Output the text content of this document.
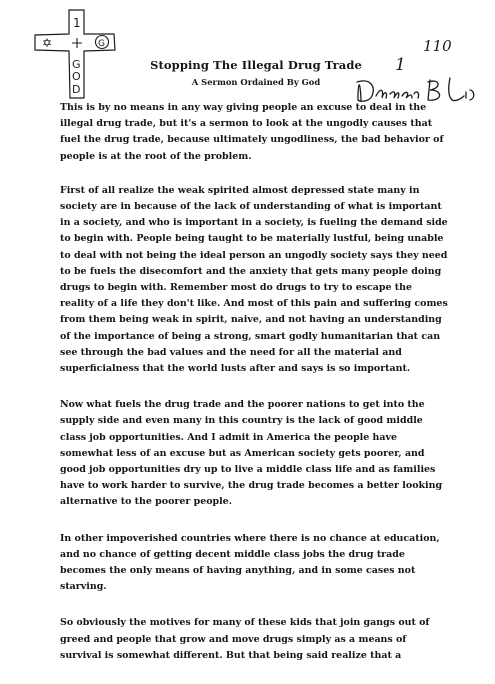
1
G
O
D
✡	G
Stopping The Illegal Drug Trade
A Sermon Ordained By God
110
1

This is by no means in any way giving people an excuse to deal in the illegal drug trade, but it's a sermon to look at the ungodly causes that fuel the drug trade, because ultimately ungodliness, the bad behavior of people is at the root of the problem.

First of all realize the weak spirited almost depressed state many in society are in because of the lack of understanding of what is important in a society, and who is important in a society, is fueling the demand side to begin with. People being taught to be materially lustful, being unable to deal with not being the ideal person an ungodly society says they need to be fuels the disecomfort and the anxiety that gets many people doing drugs to begin with. Remember most do drugs to try to escape the reality of a life they don't like. And most of this pain and suffering comes from them being weak in spirit, naive, and not having an understanding of the importance of being a strong, smart godly humanitarian that can see through the bad values and the need for all the material and superficialness that the world lusts after and says is so important.

Now what fuels the drug trade and the poorer nations to get into the supply side and even many in this country is the lack of good middle class job opportunities. And I admit in America the people have somewhat less of an excuse but as American society gets poorer, and good job opportunities dry up to live a middle class life and as families have to work harder to survive, the drug trade becomes a better looking alternative to the poorer people.

In other impoverished countries where there is no chance at education, and no chance of getting decent middle class jobs the drug trade becomes the only means of having anything, and in some cases not starving.

So obviously the motives for many of these kids that join gangs out of greed and people that grow and move drugs simply as a means of survival is somewhat different. But that being said realize that a
